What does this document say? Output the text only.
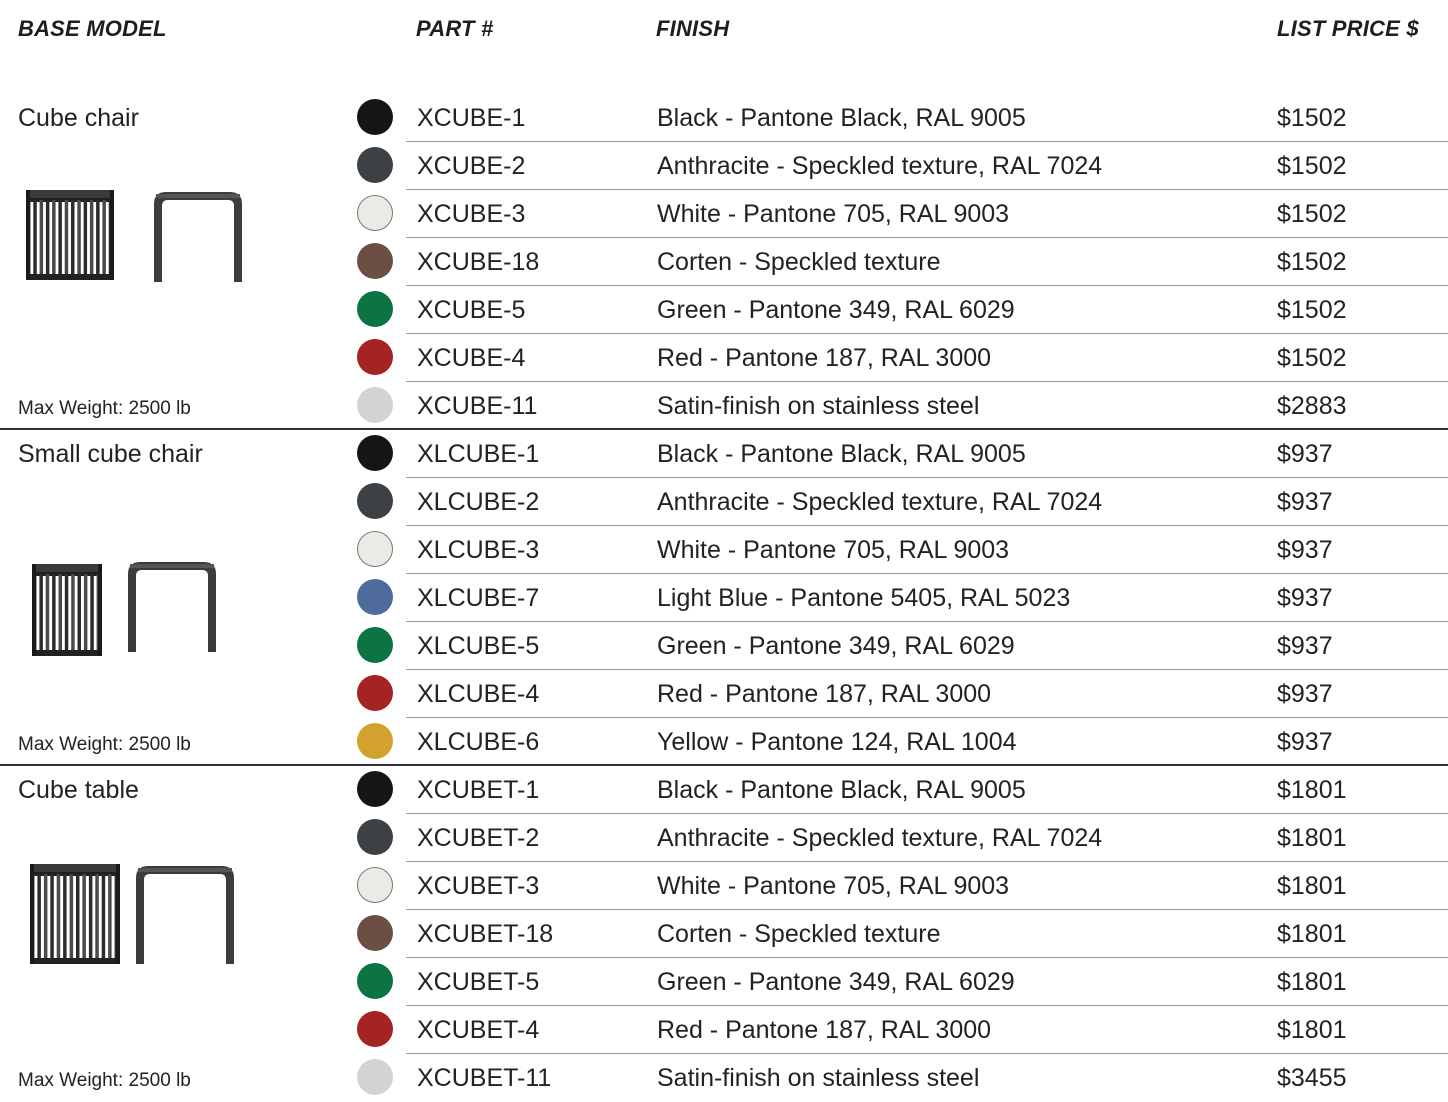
BASE MODEL	PART #	FINISH	LIST PRICE $
Cube chair
Max Weight: 2500 lb
XCUBE-1	Black - Pantone Black, RAL 9005	$1502
XCUBE-2	Anthracite - Speckled texture, RAL 7024	$1502
XCUBE-3	White - Pantone 705, RAL 9003	$1502
XCUBE-18	Corten - Speckled texture	$1502
XCUBE-5	Green - Pantone 349, RAL 6029	$1502
XCUBE-4	Red - Pantone 187, RAL 3000	$1502
XCUBE-11	Satin-finish on stainless steel	$2883
Small cube chair
Max Weight: 2500 lb
XLCUBE-1	Black - Pantone Black, RAL 9005	$937
XLCUBE-2	Anthracite - Speckled texture, RAL 7024	$937
XLCUBE-3	White - Pantone 705, RAL 9003	$937
XLCUBE-7	Light Blue - Pantone 5405, RAL 5023	$937
XLCUBE-5	Green - Pantone 349, RAL 6029	$937
XLCUBE-4	Red - Pantone 187, RAL 3000	$937
XLCUBE-6	Yellow - Pantone 124, RAL 1004	$937
Cube table
Max Weight: 2500 lb
XCUBET-1	Black - Pantone Black, RAL 9005	$1801
XCUBET-2	Anthracite - Speckled texture, RAL 7024	$1801
XCUBET-3	White - Pantone 705, RAL 9003	$1801
XCUBET-18	Corten - Speckled texture	$1801
XCUBET-5	Green - Pantone 349, RAL 6029	$1801
XCUBET-4	Red - Pantone 187, RAL 3000	$1801
XCUBET-11	Satin-finish on stainless steel	$3455
